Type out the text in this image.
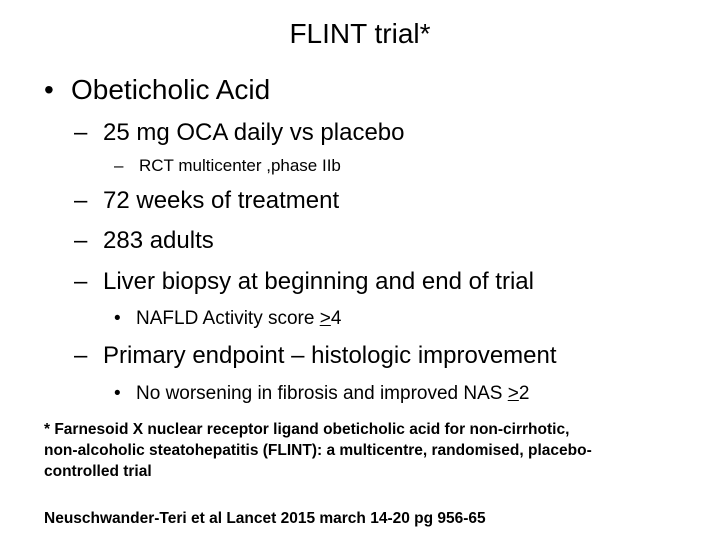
FLINT trial*
• Obeticholic Acid
– 25 mg OCA daily vs placebo
– RCT multicenter ,phase IIb
– 72 weeks of treatment
– 283 adults
– Liver biopsy at beginning and end of trial
• NAFLD Activity score ≥4
– Primary endpoint – histologic improvement
• No worsening in fibrosis and improved NAS ≥2
* Farnesoid X nuclear receptor ligand obeticholic acid for non-cirrhotic, non-alcoholic steatohepatitis (FLINT): a multicentre, randomised, placebo-controlled trial
Neuschwander-Teri et al Lancet 2015 march 14-20 pg 956-65
